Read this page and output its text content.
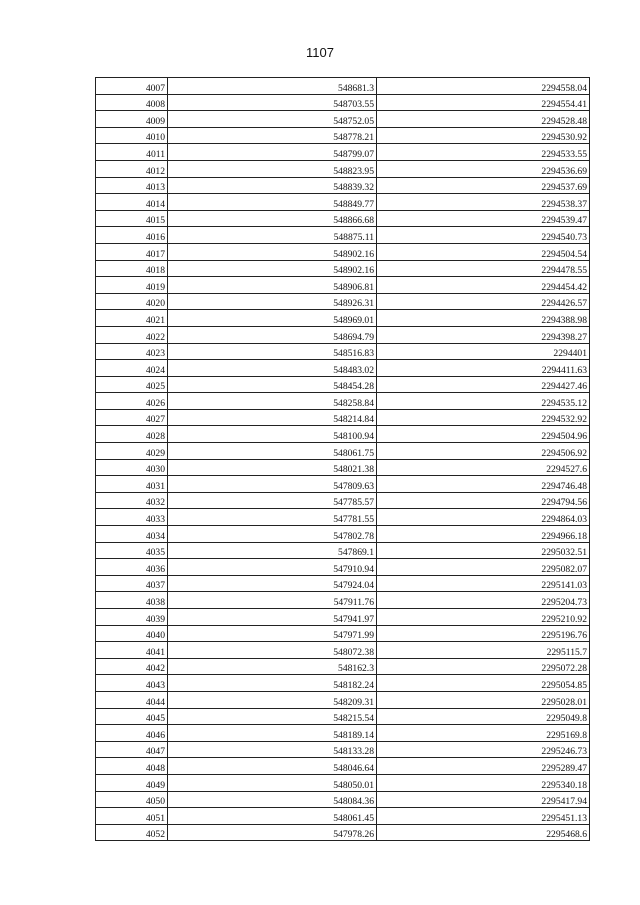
1107
4007	548681.3	2294558.04
4008	548703.55	2294554.41
4009	548752.05	2294528.48
4010	548778.21	2294530.92
4011	548799.07	2294533.55
4012	548823.95	2294536.69
4013	548839.32	2294537.69
4014	548849.77	2294538.37
4015	548866.68	2294539.47
4016	548875.11	2294540.73
4017	548902.16	2294504.54
4018	548902.16	2294478.55
4019	548906.81	2294454.42
4020	548926.31	2294426.57
4021	548969.01	2294388.98
4022	548694.79	2294398.27
4023	548516.83	2294401
4024	548483.02	2294411.63
4025	548454.28	2294427.46
4026	548258.84	2294535.12
4027	548214.84	2294532.92
4028	548100.94	2294504.96
4029	548061.75	2294506.92
4030	548021.38	2294527.6
4031	547809.63	2294746.48
4032	547785.57	2294794.56
4033	547781.55	2294864.03
4034	547802.78	2294966.18
4035	547869.1	2295032.51
4036	547910.94	2295082.07
4037	547924.04	2295141.03
4038	547911.76	2295204.73
4039	547941.97	2295210.92
4040	547971.99	2295196.76
4041	548072.38	2295115.7
4042	548162.3	2295072.28
4043	548182.24	2295054.85
4044	548209.31	2295028.01
4045	548215.54	2295049.8
4046	548189.14	2295169.8
4047	548133.28	2295246.73
4048	548046.64	2295289.47
4049	548050.01	2295340.18
4050	548084.36	2295417.94
4051	548061.45	2295451.13
4052	547978.26	2295468.6
